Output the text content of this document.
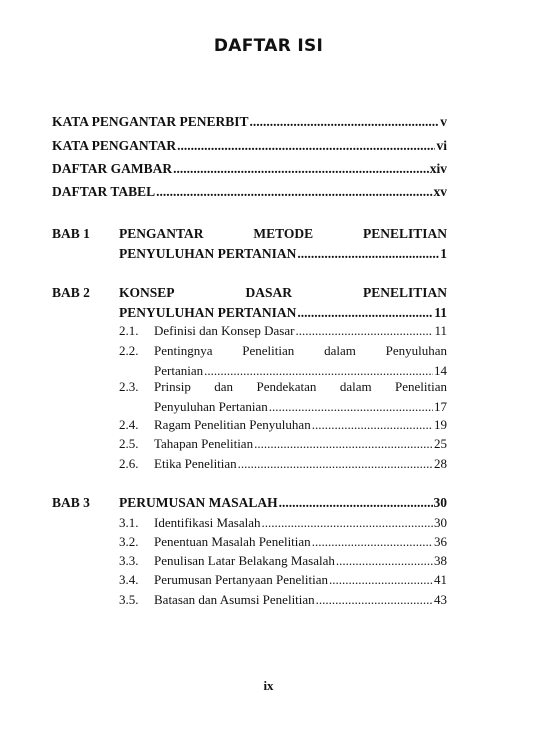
DAFTAR ISI
KATA PENGANTAR PENERBIT .....	v
KATA PENGANTAR .....	vi
DAFTAR GAMBAR .....	xiv
DAFTAR TABEL .....	xv
BAB 1 PENGANTAR	METODE	PENELITIAN
PENYULUHAN PERTANIAN .....	1
BAB 2 KONSEP	DASAR	PENELITIAN
PENYULUHAN PERTANIAN .....	11
2.1. Definisi dan Konsep Dasar .....	11
2.2. Pentingnya Penelitian dalam Penyuluhan
Pertanian .....	14
2.3. Prinsip dan Pendekatan dalam Penelitian
Penyuluhan Pertanian .....	17
2.4. Ragam Penelitian Penyuluhan .....	19
2.5. Tahapan Penelitian .....	25
2.6. Etika Penelitian .....	28
BAB 3 PERUMUSAN MASALAH .....	30
3.1. Identifikasi Masalah .....	30
3.2. Penentuan Masalah Penelitian .....	36
3.3. Penulisan Latar Belakang Masalah .....	38
3.4. Perumusan Pertanyaan Penelitian .....	41
3.5. Batasan dan Asumsi Penelitian .....	43
ix
